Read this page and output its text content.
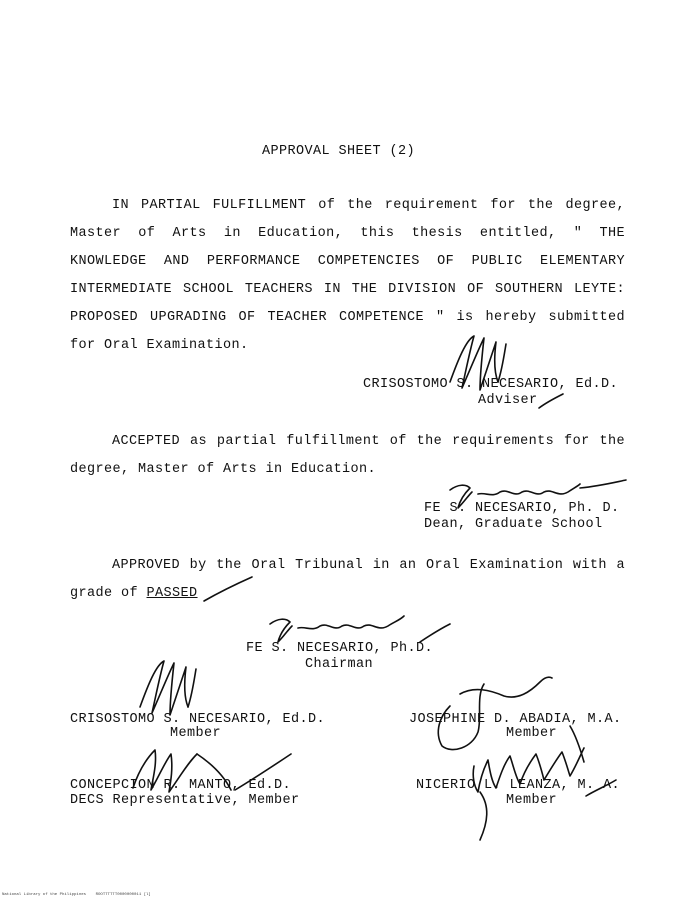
APPROVAL SHEET (2)
IN PARTIAL FULFILLMENT of the requirement for the degree,
Master of Arts in Education, this thesis entitled, " THE
KNOWLEDGE AND PERFORMANCE COMPETENCIES OF PUBLIC ELEMENTARY
INTERMEDIATE SCHOOL TEACHERS IN THE DIVISION OF SOUTHERN LEYTE:
PROPOSED UPGRADING OF TEACHER COMPETENCE " is hereby submitted
for Oral Examination.
CRISOSTOMO S. NECESARIO, Ed.D.
Adviser
ACCEPTED as partial fulfillment of the requirements for the
degree, Master of Arts in Education.
FE S. NECESARIO, Ph. D.
Dean, Graduate School
APPROVED by the Oral Tribunal in an Oral Examination with a
grade of PASSED
FE S. NECESARIO, Ph.D.
Chairman
CRISOSTOMO S. NECESARIO, Ed.D.
Member
JOSEPHINE D. ABADIA, M.A.
Member
CONCEPCION R. MANTO, Ed.D.
DECS Representative, Member
NICERIO L. LEANZA, M. A.
Member
National Library of the Philippines    ROOTTTTTT0000000011 [l]
